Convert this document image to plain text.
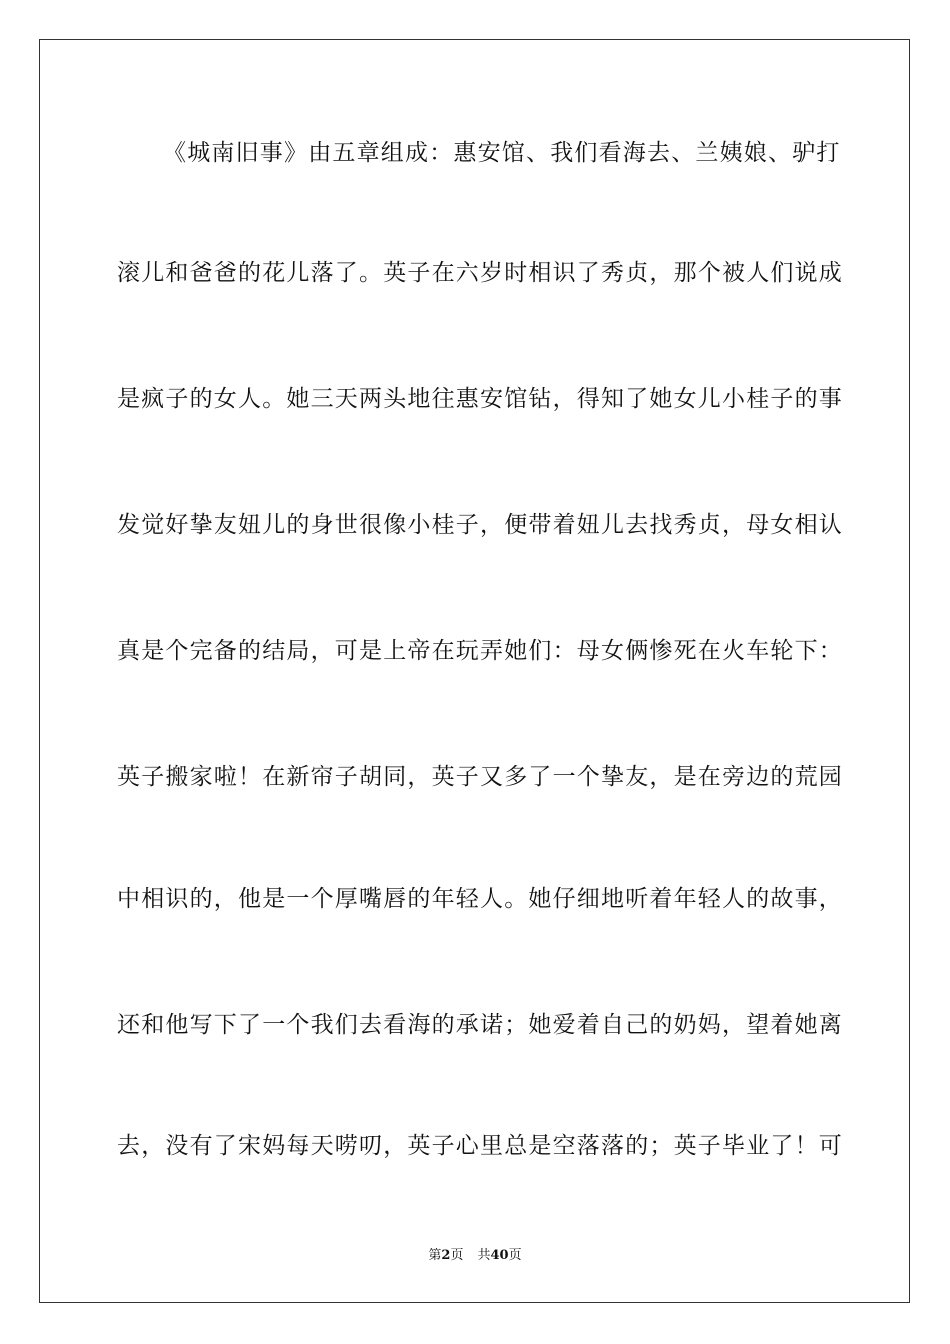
《城南旧事》由五章组成：惠安馆、我们看海去、兰姨娘、驴打
滚儿和爸爸的花儿落了。英子在六岁时相识了秀贞，那个被人们说成
是疯子的女人。她三天两头地往惠安馆钻，得知了她女儿小桂子的事
发觉好挚友妞儿的身世很像小桂子，便带着妞儿去找秀贞，母女相认
真是个完备的结局，可是上帝在玩弄她们：母女俩惨死在火车轮下：
英子搬家啦！在新帘子胡同，英子又多了一个挚友，是在旁边的荒园
中相识的，他是一个厚嘴唇的年轻人。她仔细地听着年轻人的故事，
还和他写下了一个我们去看海的承诺；她爱着自己的奶妈，望着她离
去，没有了宋妈每天唠叨，英子心里总是空落落的；英子毕业了！可
第2页 共40页
